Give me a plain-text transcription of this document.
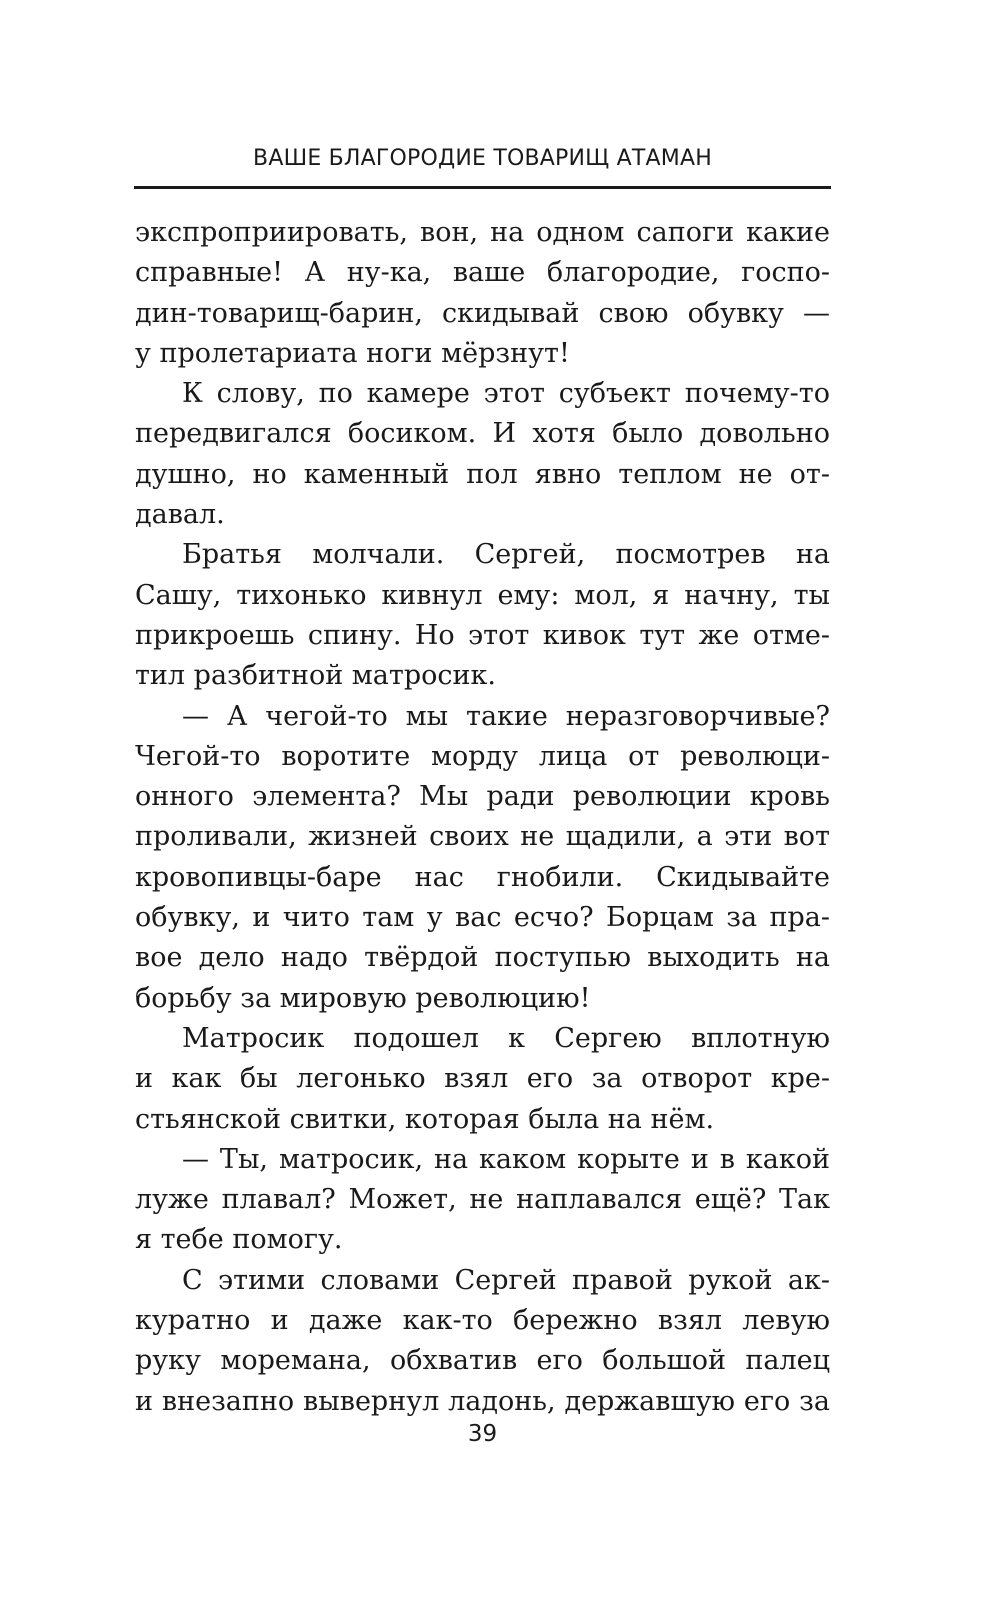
ВАШЕ БЛАГОРОДИЕ ТОВАРИЩ АТАМАН
экспроприировать, вон, на одном сапоги какие
справные! А ну-ка, ваше благородие, госпо-
дин-товарищ-барин, скидывай свою обувку —
у пролетариата ноги мёрзнут!
К слову, по камере этот субъект почему-то
передвигался босиком. И хотя было довольно
душно, но каменный пол явно теплом не от-
давал.
Братья молчали. Сергей, посмотрев на
Сашу, тихонько кивнул ему: мол, я начну, ты
прикроешь спину. Но этот кивок тут же отме-
тил разбитной матросик.
— А чегой-то мы такие неразговорчивые?
Чегой-то воротите морду лица от революци-
онного элемента? Мы ради революции кровь
проливали, жизней своих не щадили, а эти вот
кровопивцы-баре нас гнобили. Скидывайте
обувку, и чито там у вас есчо? Борцам за пра-
вое дело надо твёрдой поступью выходить на
борьбу за мировую революцию!
Матросик подошел к Сергею вплотную
и как бы легонько взял его за отворот кре-
стьянской свитки, которая была на нём.
— Ты, матросик, на каком корыте и в какой
луже плавал? Может, не наплавался ещё? Так
я тебе помогу.
С этими словами Сергей правой рукой ак-
куратно и даже как-то бережно взял левую
руку моремана, обхватив его большой палец
и внезапно вывернул ладонь, державшую его за
39
